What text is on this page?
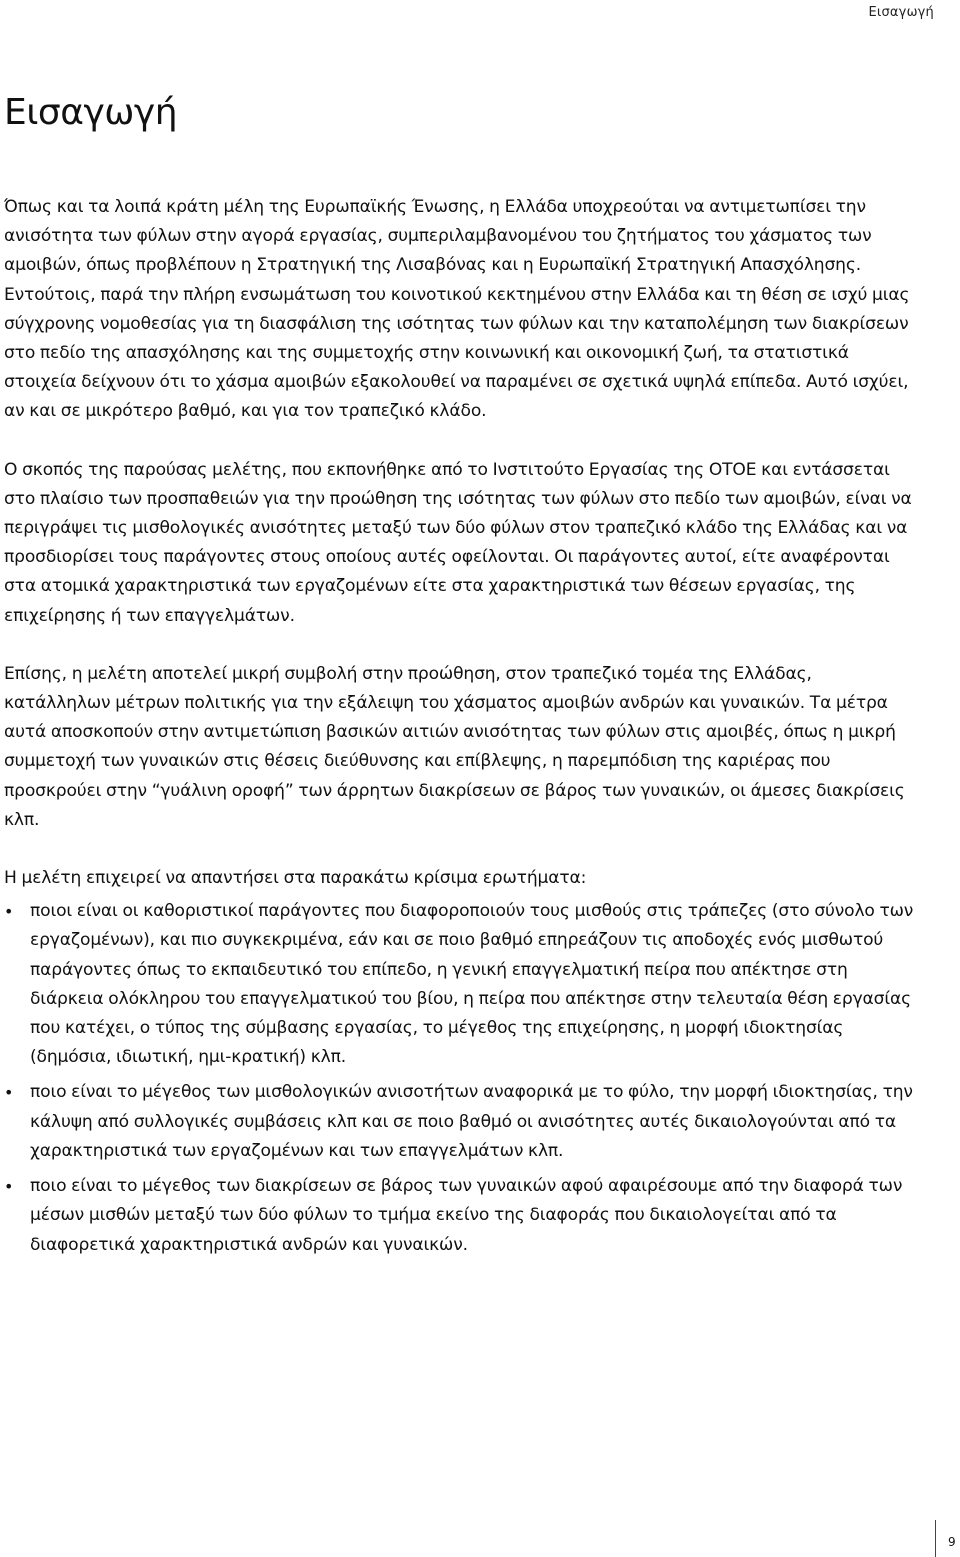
Εισαγωγή
Εισαγωγή

Όπως και τα λοιπά κράτη μέλη της Ευρωπαϊκής Ένωσης, η Ελλάδα υποχρεούται να αντιμετωπίσει την ανισότητα των φύλων στην αγορά εργασίας, συμπεριλαμβανομένου του ζητήματος του χάσματος των αμοιβών, όπως προβλέπουν η Στρατηγική της Λισαβόνας και η Ευρωπαϊκή Στρατηγική Απασχόλησης. Εντούτοις, παρά την πλήρη ενσωμάτωση του κοινοτικού κεκτημένου στην Ελλάδα και τη θέση σε ισχύ μιας σύγχρονης νομοθεσίας για τη διασφάλιση της ισότητας των φύλων και την καταπολέμηση των διακρίσεων στο πεδίο της απασχόλησης και της συμμετοχής στην κοινωνική και οικονομική ζωή, τα στατιστικά στοιχεία δείχνουν ότι το χάσμα αμοιβών εξακολουθεί να παραμένει σε σχετικά υψηλά επίπεδα. Αυτό ισχύει, αν και σε μικρότερο βαθμό, και για τον τραπεζικό κλάδο.

Ο σκοπός της παρούσας μελέτης, που εκπονήθηκε από το Ινστιτούτο Εργασίας της ΟΤΟΕ και εντάσσεται στο πλαίσιο των προσπαθειών για την προώθηση της ισότητας των φύλων στο πεδίο των αμοιβών, είναι να περιγράψει τις μισθολογικές ανισότητες μεταξύ των δύο φύλων στον τραπεζικό κλάδο της Ελλάδας και να προσδιορίσει τους παράγοντες στους οποίους αυτές οφείλονται. Οι παράγοντες αυτοί, είτε αναφέρονται στα ατομικά χαρακτηριστικά των εργαζομένων είτε στα χαρακτηριστικά των θέσεων εργασίας, της επιχείρησης ή των επαγγελμάτων.

Επίσης, η μελέτη αποτελεί μικρή συμβολή στην προώθηση, στον τραπεζικό τομέα της Ελλάδας, κατάλληλων μέτρων πολιτικής για την εξάλειψη του χάσματος αμοιβών ανδρών και γυναικών. Τα μέτρα αυτά αποσκοπούν στην αντιμετώπιση βασικών αιτιών ανισότητας των φύλων στις αμοιβές, όπως η μικρή συμμετοχή των γυναικών στις θέσεις διεύθυνσης και επίβλεψης, η παρεμπόδιση της καριέρας που προσκρούει στην “γυάλινη οροφή” των άρρητων διακρίσεων σε βάρος των γυναικών, οι άμεσες διακρίσεις κλπ.

Η μελέτη επιχειρεί να απαντήσει στα παρακάτω κρίσιμα ερωτήματα:

• ποιοι είναι οι καθοριστικοί παράγοντες που διαφοροποιούν τους μισθούς στις τράπεζες (στο σύνολο των εργαζομένων), και πιο συγκεκριμένα, εάν και σε ποιο βαθμό επηρεάζουν τις αποδοχές ενός μισθωτού παράγοντες όπως το εκπαιδευτικό του επίπεδο, η γενική επαγγελματική πείρα που απέκτησε στη διάρκεια ολόκληρου του επαγγελματικού του βίου, η πείρα που απέκτησε στην τελευταία θέση εργασίας που κατέχει, ο τύπος της σύμβασης εργασίας, το μέγεθος της επιχείρησης, η μορφή ιδιοκτησίας (δημόσια, ιδιωτική, ημι-κρατική) κλπ.
• ποιο είναι το μέγεθος των μισθολογικών ανισοτήτων αναφορικά με το φύλο, την μορφή ιδιοκτησίας, την κάλυψη από συλλογικές συμβάσεις κλπ και σε ποιο βαθμό οι ανισότητες αυτές δικαιολογούνται από τα χαρακτηριστικά των εργαζομένων και των επαγγελμάτων κλπ.
• ποιο είναι το μέγεθος των διακρίσεων σε βάρος των γυναικών αφού αφαιρέσουμε από την διαφορά των μέσων μισθών μεταξύ των δύο φύλων το τμήμα εκείνο της διαφοράς που δικαιολογείται από τα διαφορετικά χαρακτηριστικά ανδρών και γυναικών.
9
